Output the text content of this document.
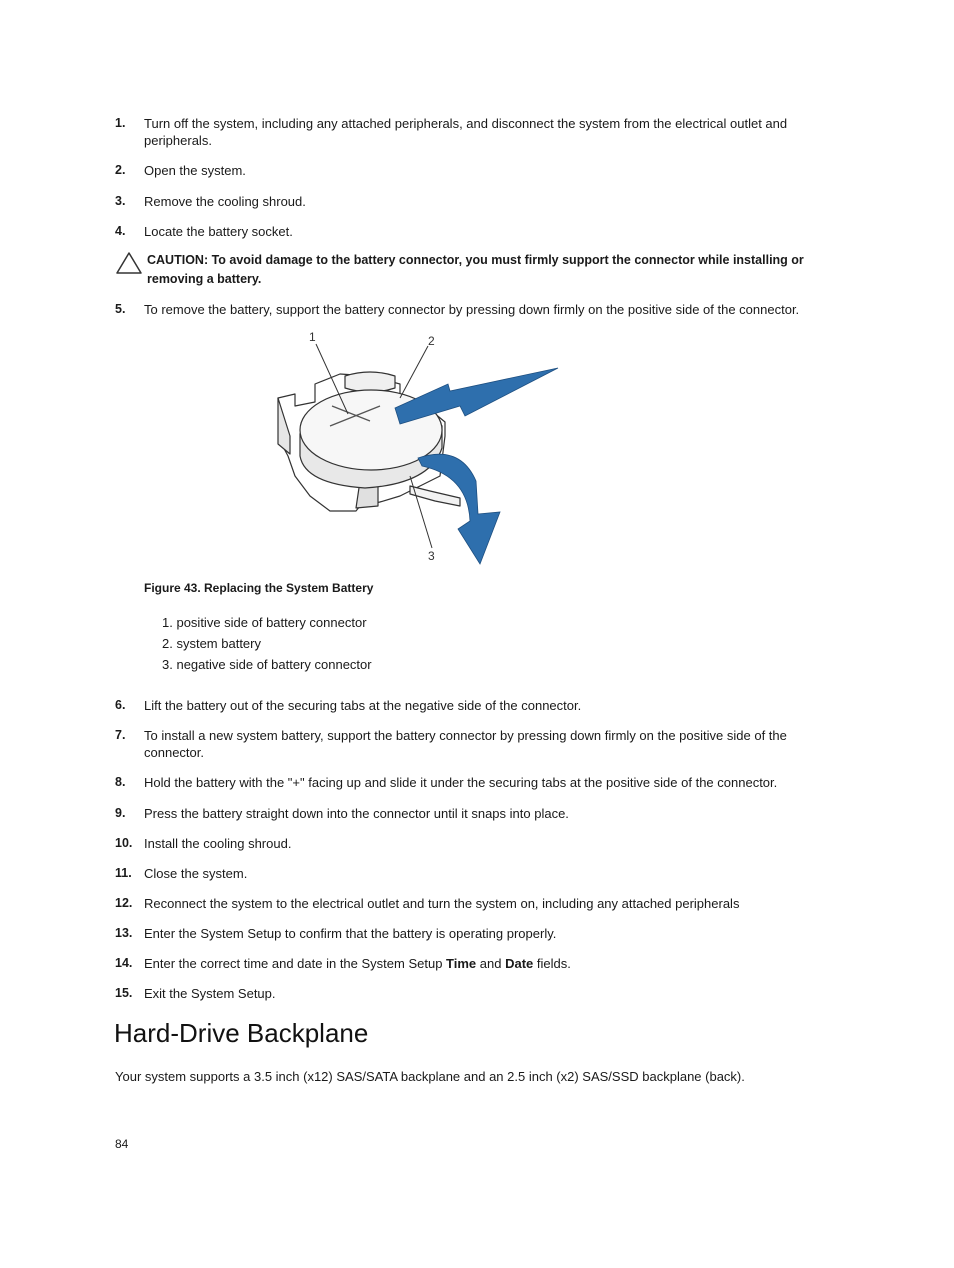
1.	Turn off the system, including any attached peripherals, and disconnect the system from the electrical outlet and peripherals.
2.	Open the system.
3.	Remove the cooling shroud.
4.	Locate the battery socket.
CAUTION: To avoid damage to the battery connector, you must firmly support the connector while installing or removing a battery.
5.	To remove the battery, support the battery connector by pressing down firmly on the positive side of the connector.
1	2
3
Figure 43. Replacing the System Battery
1. positive side of battery connector
2. system battery
3. negative side of battery connector
6.	Lift the battery out of the securing tabs at the negative side of the connector.
7.	To install a new system battery, support the battery connector by pressing down firmly on the positive side of the connector.
8.	Hold the battery with the "+" facing up and slide it under the securing tabs at the positive side of the connector.
9.	Press the battery straight down into the connector until it snaps into place.
10. Install the cooling shroud.
11. Close the system.
12. Reconnect the system to the electrical outlet and turn the system on, including any attached peripherals
13. Enter the System Setup to confirm that the battery is operating properly.
14. Enter the correct time and date in the System Setup Time and Date fields.
15. Exit the System Setup.
Hard-Drive Backplane
Your system supports a 3.5 inch (x12) SAS/SATA backplane and an 2.5 inch (x2) SAS/SSD backplane (back).
84
